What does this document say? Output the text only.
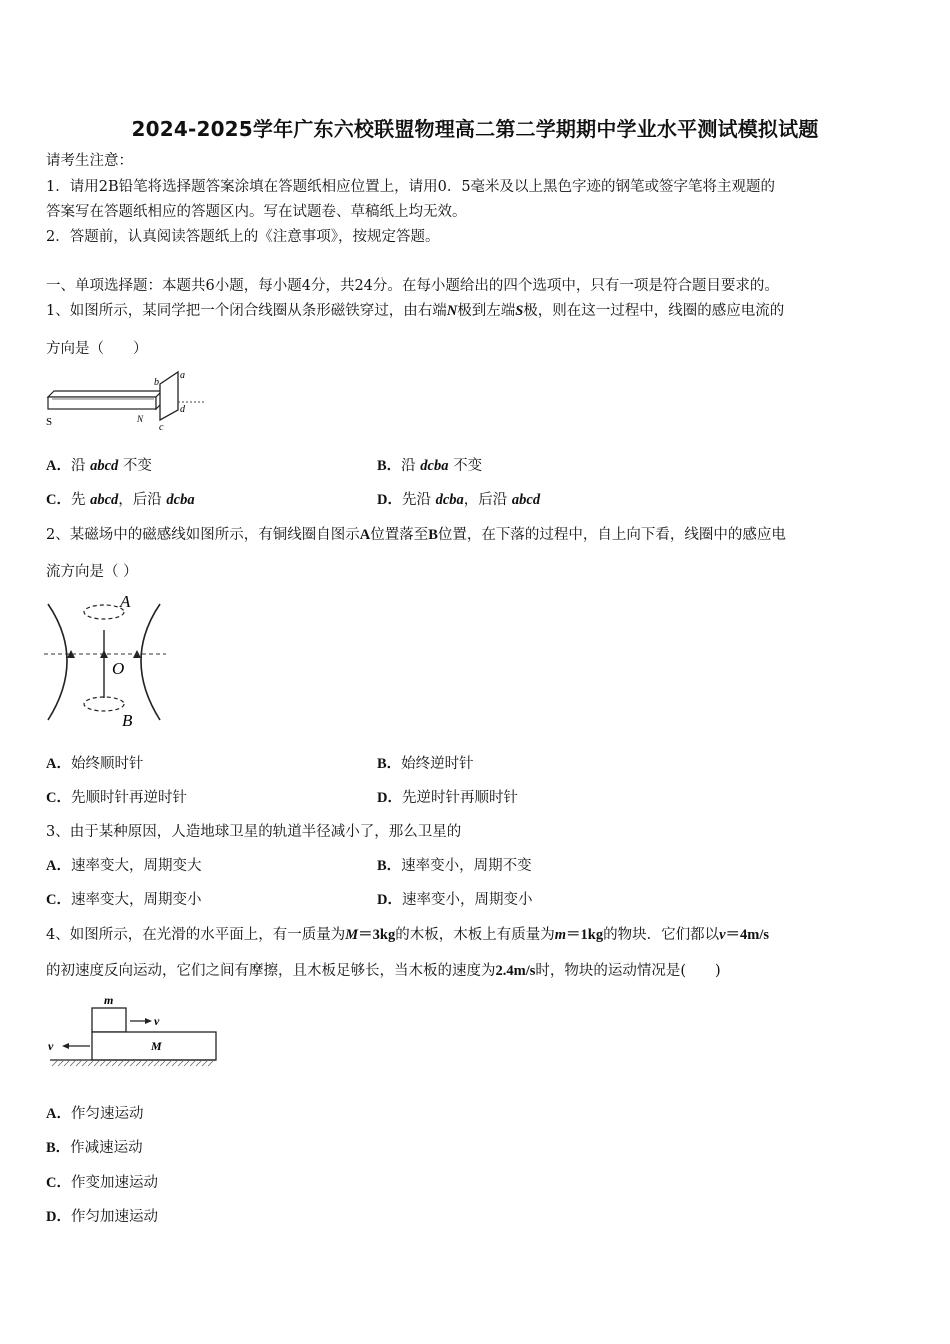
2024-2025学年广东六校联盟物理高二第二学期期中学业水平测试模拟试题
请考生注意：
1．请用2B铅笔将选择题答案涂填在答题纸相应位置上，请用0．5毫米及以上黑色字迹的钢笔或签字笔将主观题的
答案写在答题纸相应的答题区内。写在试题卷、草稿纸上均无效。
2．答题前，认真阅读答题纸上的《注意事项》，按规定答题。
一、单项选择题：本题共6小题，每小题4分，共24分。在每小题给出的四个选项中，只有一项是符合题目要求的。
1、如图所示，某同学把一个闭合线圈从条形磁铁穿过，由右端N极到左端S极，则在这一过程中，线圈的感应电流的
方向是（　　）
S	N
a
b
c
d
A．沿 abcd 不变	B．沿 dcba 不变
C．先 abcd，后沿 dcba	D．先沿 dcba，后沿 abcd
2、某磁场中的磁感线如图所示，有铜线圈自图示A位置落至B位置，在下落的过程中，自上向下看，线圈中的感应电
流方向是（ ）
A
O
B
A．始终顺时针	B．始终逆时针
C．先顺时针再逆时针	D．先逆时针再顺时针
3、由于某种原因，人造地球卫星的轨道半径减小了，那么卫星的
A．速率变大，周期变大	B．速率变小，周期不变
C．速率变大，周期变小	D．速率变小，周期变小
4、如图所示，在光滑的水平面上，有一质量为M＝3kg的木板，木板上有质量为m＝1kg的物块．它们都以v＝4m/s
的初速度反向运动，它们之间有摩擦，且木板足够长，当木板的速度为2.4m/s时，物块的运动情况是(　　)
m
v
M
v
A．作匀速运动
B．作减速运动
C．作变加速运动
D．作匀加速运动
